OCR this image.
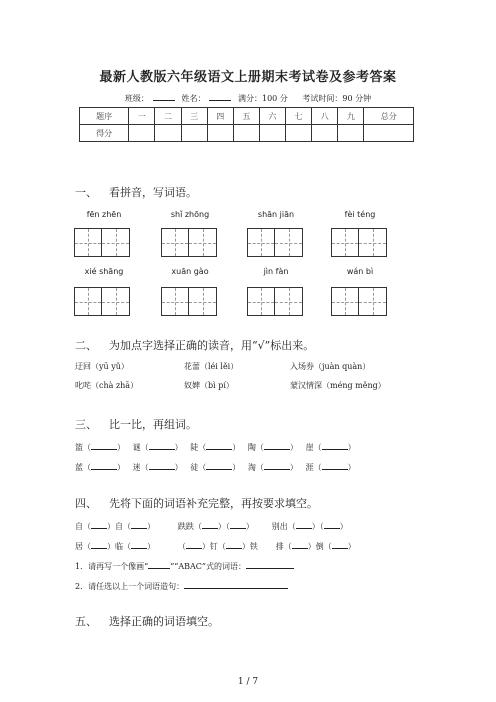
最新人教版六年级语文上册期末考试卷及参考答案
班级：	姓名：	满分：100 分 考试时间：90 分钟
题序	一	二	三	四	五	六	七	八	九	总分
得分										
一、 看拼音，写词语。
fēn zhēn	shǐ zhōng	shān jiān	fèi téng
xié shāng	xuān gào	jìn fàn	wán bì
二、 为加点字选择正确的读音，用“√”标出来。
迂回（yū yǔ）	花蕾（léi lěi）	入场券（juàn quàn）
叱咤（chà zhā）	奴婢（bì pí）	蒙汉情深（méng měng）
三、 比一比，再组词。
篮（	）   谜（	）   陡（	）   陶（	）   崖（	）
蓝（	）   迷（	）   徒（	）   淘（	）   涯（	）
四、 先将下面的词语补充完整，再按要求填空。
自（ ）自（ ）	跌跌（ ）（ ） 别出（ ）（ ）
居（ ）临（ ）	（ ）钉（ ）铁 排（ ）倒（ ）
1．请再写一个像画“	”“ABAC”式的词语：
2．请任选以上一个词语造句：
五、 选择正确的词语填空。
1 / 7
